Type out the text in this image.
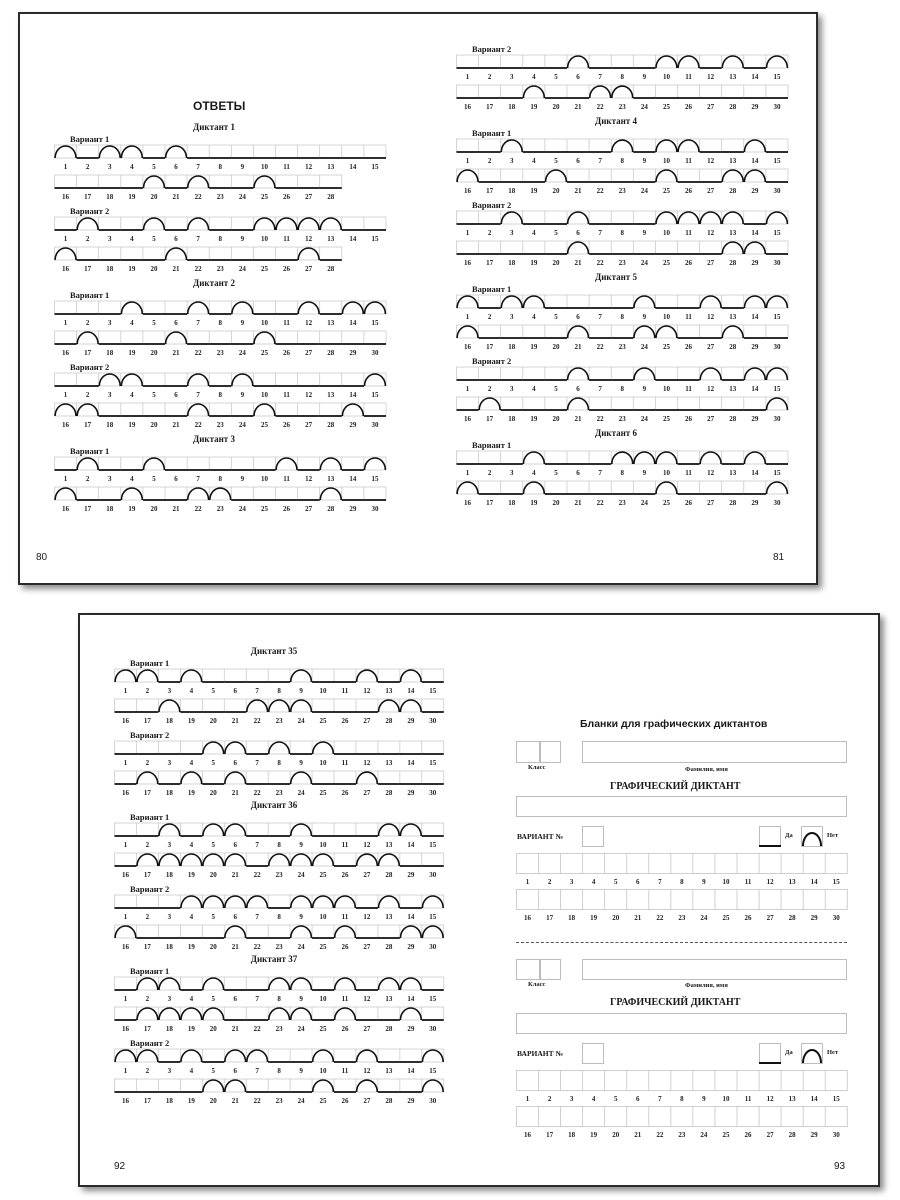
ОТВЕТЫ
Диктант 1
Вариант 1
1	2	3	4	5	6	7	8	9 10 11 12 13 14 15
16 17 18 19 20 21 22 23 24 25 26 27 28
Вариант 2
1	2	3	4	5	6	7	8	9 10 11 12 13 14 15
16 17 18 19 20 21 22 23 24 25 26 27 28
Диктант 2
Вариант 1
1	2	3	4	5	6	7	8	9 10 11 12 13 14 15
16 17 18 19 20 21 22 23 24 25 26 27 28 29 30
Вариант 2
1	2	3	4	5	6	7	8	9 10 11 12 13 14 15
16 17 18 19 20 21 22 23 24 25 26 27 28 29 30
Диктант 3
Вариант 1
1	2	3	4	5	6	7	8	9 10 11 12 13 14 15
16 17 18 19 20 21 22 23 24 25 26 27 28 29 30
Вариант 2
1	2	3	4	5	6	7	8	9 10 11 12 13 14 15
16 17 18 19 20 21 22 23 24 25 26 27 28 29 30
Диктант 4
Вариант 1
1	2	3	4	5	6	7	8	9 10 11 12 13 14 15
16 17 18 19 20 21 22 23 24 25 26 27 28 29 30
Вариант 2
1	2	3	4	5	6	7	8	9 10 11 12 13 14 15
16 17 18 19 20 21 22 23 24 25 26 27 28 29 30
Диктант 5
Вариант 1
1	2	3	4	5	6	7	8	9 10 11 12 13 14 15
16 17 18 19 20 21 22 23 24 25 26 27 28 29 30
Вариант 2
1	2	3	4	5	6	7	8	9 10 11 12 13 14 15
16 17 18 19 20 21 22 23 24 25 26 27 28 29 30
Диктант 6
Вариант 1
1	2	3	4	5	6	7	8	9 10 11 12 13 14 15
16 17 18 19 20 21 22 23 24 25 26 27 28 29 30
80	81
Диктант 35
Вариант 1
1	2	3	4	5	6	7	8	9 10 11 12 13 14 15
16 17 18 19 20 21 22 23 24 25 26 27 28 29 30
Вариант 2
1	2	3	4	5	6	7	8	9 10 11 12 13 14 15
16 17 18 19 20 21 22 23 24 25 26 27 28 29 30
Диктант 36
Вариант 1
1	2	3	4	5	6	7	8	9 10 11 12 13 14 15
16 17 18 19 20 21 22 23 24 25 26 27 28 29 30
Вариант 2
1	2	3	4	5	6	7	8	9 10 11 12 13 14 15
16 17 18 19 20 21 22 23 24 25 26 27 28 29 30
Диктант 37
Вариант 1
1	2	3	4	5	6	7	8	9 10 11 12 13 14 15
16 17 18 19 20 21 22 23 24 25 26 27 28 29 30
Вариант 2
1	2	3	4	5	6	7	8	9 10 11 12 13 14 15
16 17 18 19 20 21 22 23 24 25 26 27 28 29 30
Бланки для графических диктантов
Класс	Фамилия, имя
ГРАФИЧЕСКИЙ ДИКТАНТ
ВАРИАНТ №	Да	Нет
1	2	3	4	5	6	7	8	9 10 11 12 13 14 15
16 17 18 19 20 21 22 23 24 25 26 27 28 29 30
Класс	Фамилия, имя
ГРАФИЧЕСКИЙ ДИКТАНТ
ВАРИАНТ №	Да	Нет
1	2	3	4	5	6	7	8	9 10 11 12 13 14 15
16 17 18 19 20 21 22 23 24 25 26 27 28 29 30
92	93
